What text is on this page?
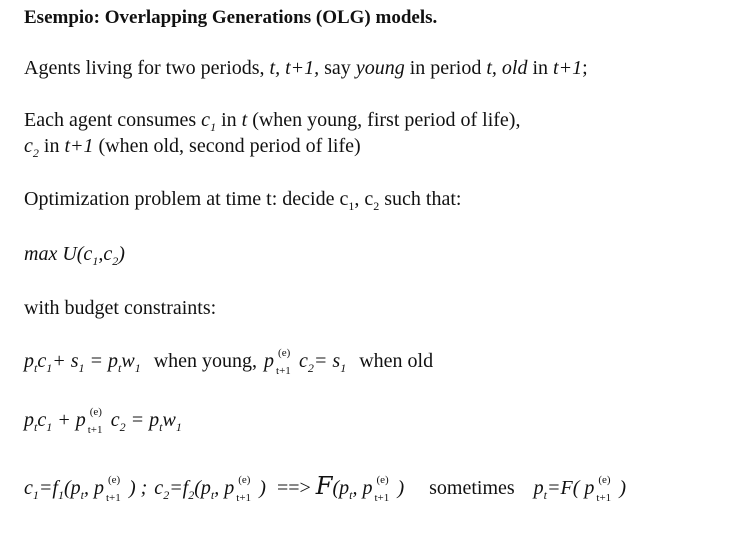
Esempio: Overlapping Generations (OLG) models.
Agents living for two periods, t, t+1, say young in period t, old in t+1;
Each agent consumes $c_1$ in t (when young, first period of life),
$c_2$ in t+1 (when old, second period of life)
Optimization problem at time t: decide $c_1$, $c_2$ such that:
$\max U(c_1,c_2)$
with budget constraints:
$p_tc_1+ s_1 = p_tw_1$ when young, p (e)
t+1 $c_2= s_1$ when old
$p_tc_1 + p$ (e)
t+1 $c_2 = p_tw_1$
$c_1=f_1(p_t$, p (e)
t+1 ) ; $c_2=f_2(p_t$, p (e)
t+1 ) ==> $F(p_t$, p (e)
t+1 ) sometimes $p_t=F$( p (e)
t+1 )
